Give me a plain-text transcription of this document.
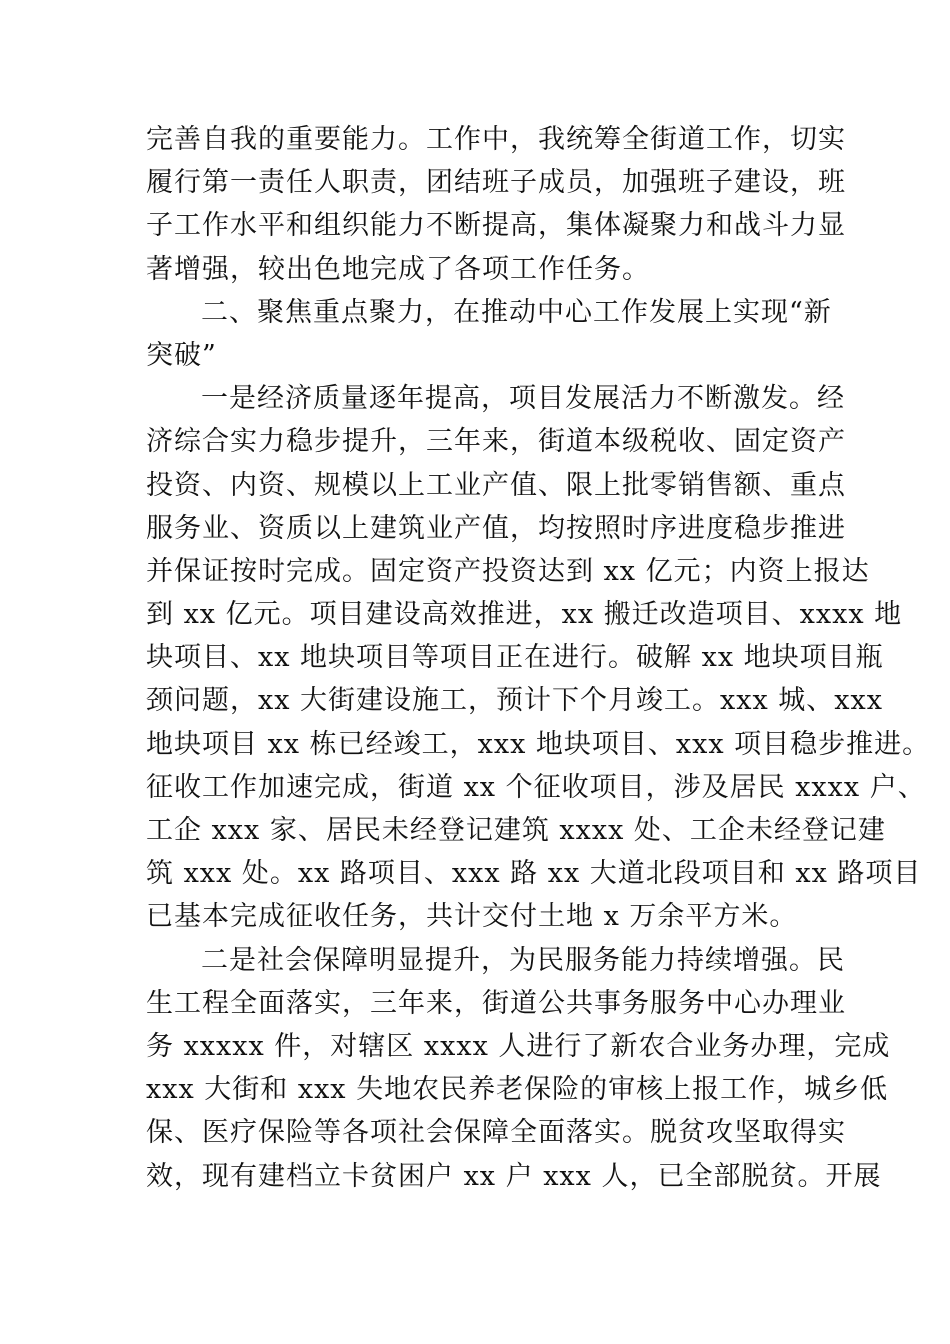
完善自我的重要能力。工作中，我统筹全街道工作，切实
履行第一责任人职责，团结班子成员，加强班子建设，班
子工作水平和组织能力不断提高，集体凝聚力和战斗力显
著增强，较出色地完成了各项工作任务。
二、聚焦重点聚力，在推动中心工作发展上实现“新
突破”
一是经济质量逐年提高，项目发展活力不断激发。经
济综合实力稳步提升，三年来，街道本级税收、固定资产
投资、内资、规模以上工业产值、限上批零销售额、重点
服务业、资质以上建筑业产值，均按照时序进度稳步推进
并保证按时完成。固定资产投资达到 xx 亿元；内资上报达
到 xx 亿元。项目建设高效推进，xx 搬迁改造项目、xxxx 地
块项目、xx 地块项目等项目正在进行。破解 xx 地块项目瓶
颈问题，xx 大街建设施工，预计下个月竣工。xxx 城、xxx
地块项目 xx 栋已经竣工，xxx 地块项目、xxx 项目稳步推进。
征收工作加速完成，街道 xx 个征收项目，涉及居民 xxxx 户、
工企 xxx 家、居民未经登记建筑 xxxx 处、工企未经登记建
筑 xxx 处。xx 路项目、xxx 路 xx 大道北段项目和 xx 路项目
已基本完成征收任务，共计交付土地 x 万余平方米。
二是社会保障明显提升，为民服务能力持续增强。民
生工程全面落实，三年来，街道公共事务服务中心办理业
务 xxxxx 件，对辖区 xxxx 人进行了新农合业务办理，完成
xxx 大街和 xxx 失地农民养老保险的审核上报工作，城乡低
保、医疗保险等各项社会保障全面落实。脱贫攻坚取得实
效，现有建档立卡贫困户 xx 户 xxx 人，已全部脱贫。开展
